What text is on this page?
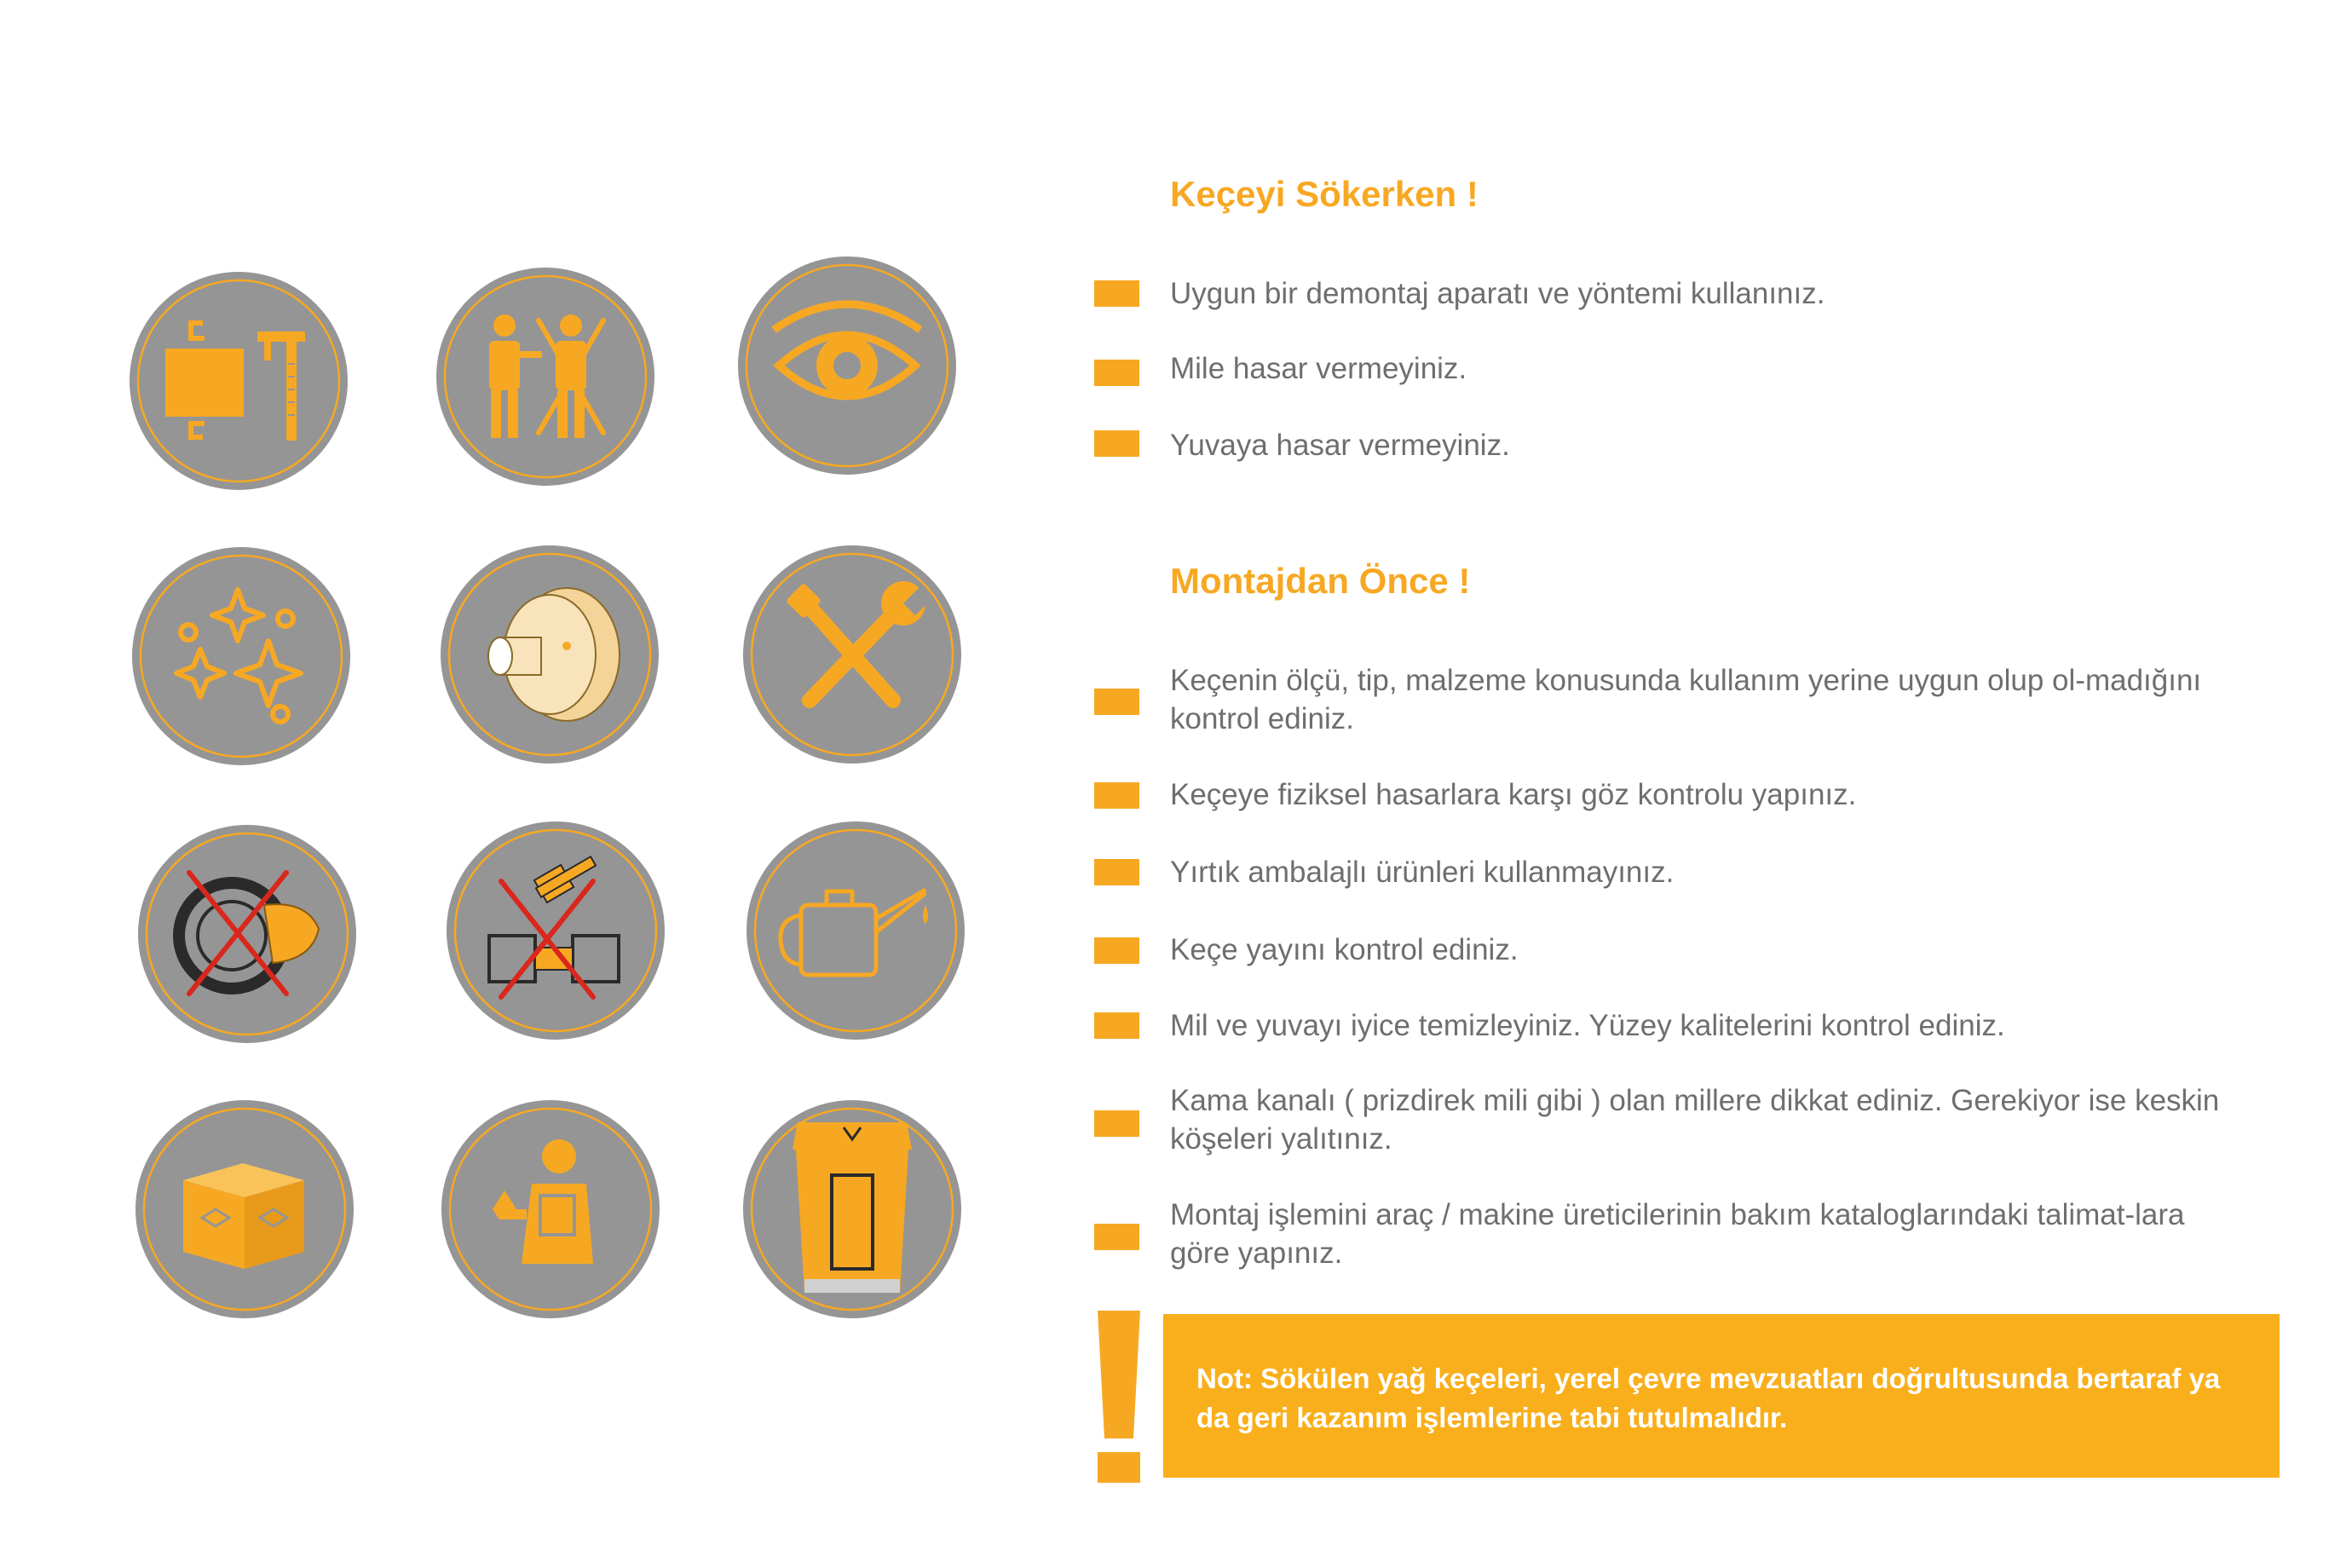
Keçeyi Sökerken !
Uygun bir demontaj aparatı ve yöntemi kullanınız.
Mile hasar vermeyiniz.
Yuvaya hasar vermeyiniz.
Montajdan Önce !
Keçenin ölçü, tip, malzeme konusunda kullanım yerine uygun olup ol-madığını kontrol ediniz.
Keçeye fiziksel hasarlara karşı göz kontrolu yapınız.
Yırtık ambalajlı ürünleri kullanmayınız.
Keçe yayını kontrol ediniz.
Mil ve yuvayı iyice temizleyiniz. Yüzey kalitelerini kontrol ediniz.
Kama kanalı ( prizdirek mili gibi ) olan millere dikkat ediniz. Gerekiyor ise keskin köşeleri yalıtınız.
Montaj işlemini araç / makine üreticilerinin bakım kataloglarındaki talimat-lara göre yapınız.
Not: Sökülen yağ keçeleri, yerel çevre mevzuatları doğrultusunda bertaraf ya da geri kazanım işlemlerine tabi tutulmalıdır.
